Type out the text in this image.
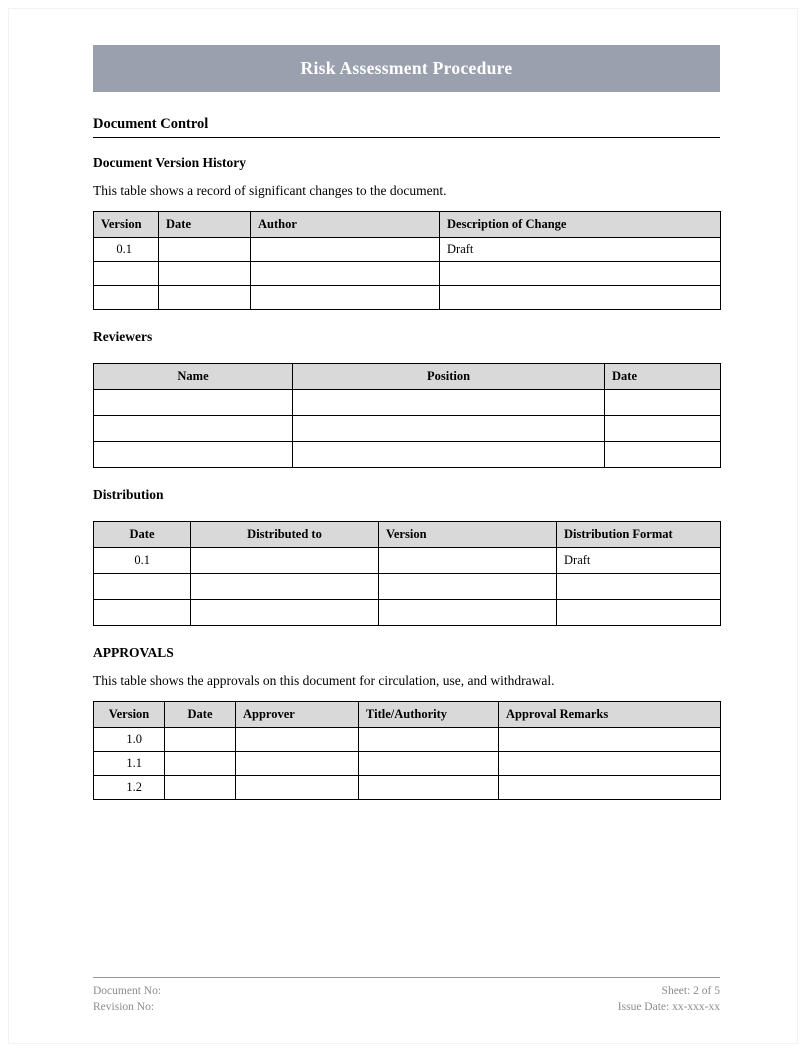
Risk Assessment Procedure
Document Control
Document Version History
This table shows a record of significant changes to the document.
Version	Date	Author	Description of Change
0.1			Draft

Reviewers
Name	Position	Date

Distribution
Date	Distributed to	Version	Distribution Format
0.1			Draft

APPROVALS
This table shows the approvals on this document for circulation, use, and withdrawal.
Version	Date	Approver	Title/Authority	Approval Remarks
1.0				
1.1				
1.2				
Document No:
Revision No:
Sheet: 2 of 5
Issue Date: xx-xxx-xx
